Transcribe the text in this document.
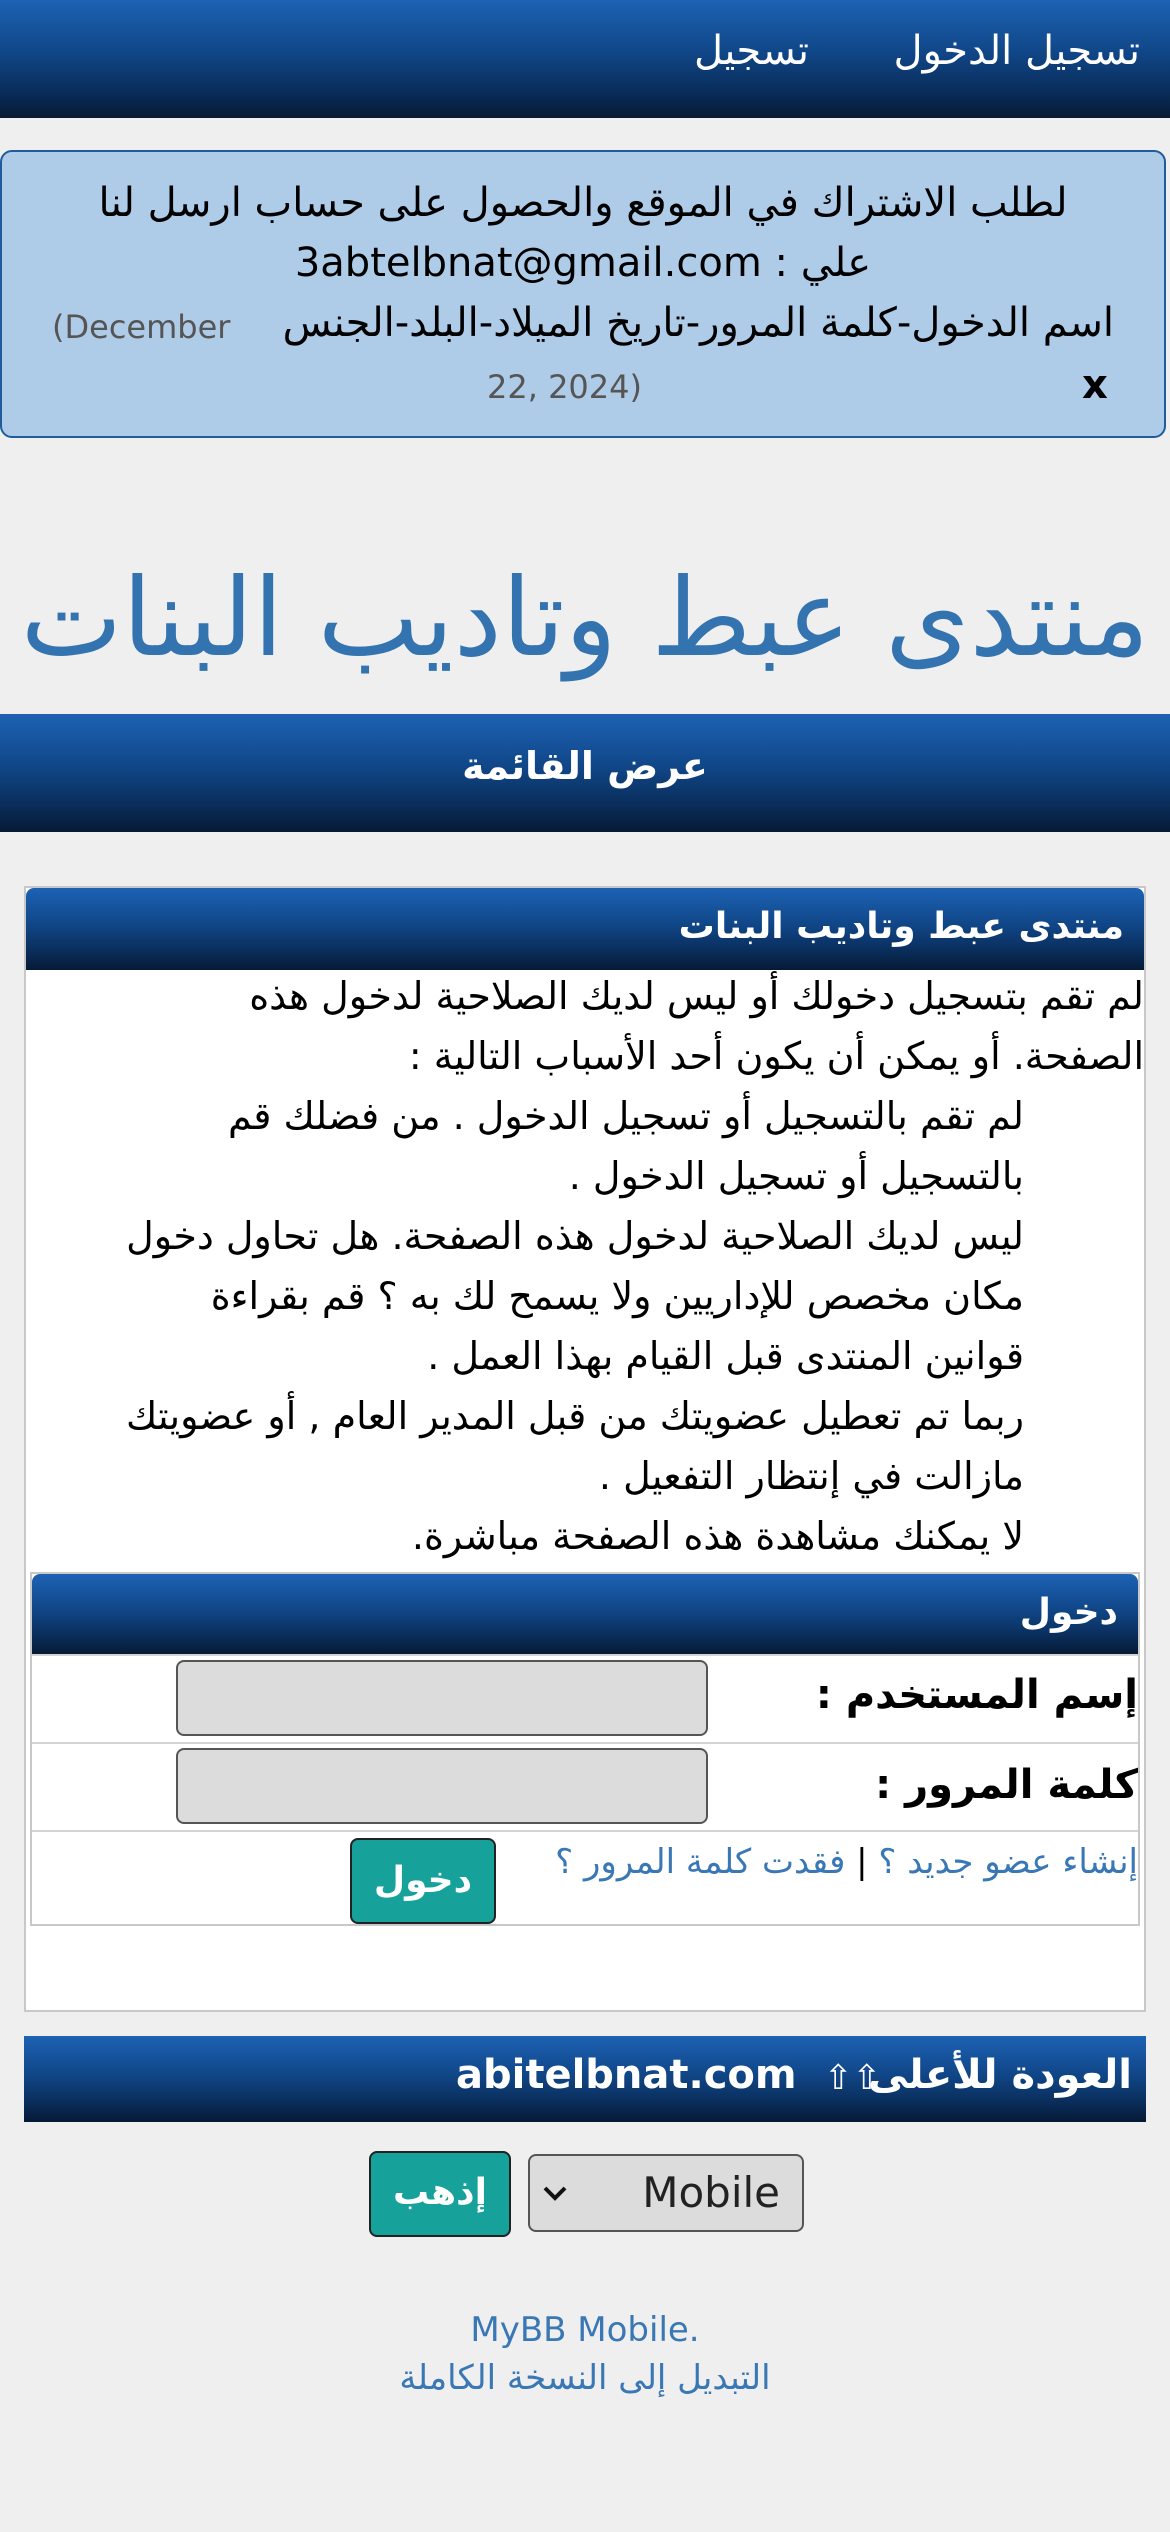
تسجيل الدخول
تسجيل
لطلب الاشتراك في الموقع والحصول على حساب ارسل لنا
علي : 3abtelbnat@gmail.com
اسم الدخول-كلمة المرور-تاريخ الميلاد-البلد-الجنس
(December
22, 2024)	x
منتدى عبط وتاديب البنات
عرض القائمة
منتدى عبط وتاديب البنات
لم تقم بتسجيل دخولك أو ليس لديك الصلاحية لدخول هذه
الصفحة. أو يمكن أن يكون أحد الأسباب التالية :
لم تقم بالتسجيل أو تسجيل الدخول . من فضلك قم
بالتسجيل أو تسجيل الدخول .
ليس لديك الصلاحية لدخول هذه الصفحة. هل تحاول دخول
مكان مخصص للإداريين ولا يسمح لك به ؟ قم بقراءة
قوانين المنتدى قبل القيام بهذا العمل .
ربما تم تعطيل عضويتك من قبل المدير العام , أو عضويتك
مازالت في إنتظار التفعيل .
لا يمكنك مشاهدة هذه الصفحة مباشرة.
دخول
إسم المستخدم :
كلمة المرور :
إنشاء عضو جديد ؟ | فقدت كلمة المرور ؟
دخول
العودة للأعلى
⇧⇧
abitelbnat.com
Mobile
إذهب
MyBB Mobile.
التبديل إلى النسخة الكاملة
